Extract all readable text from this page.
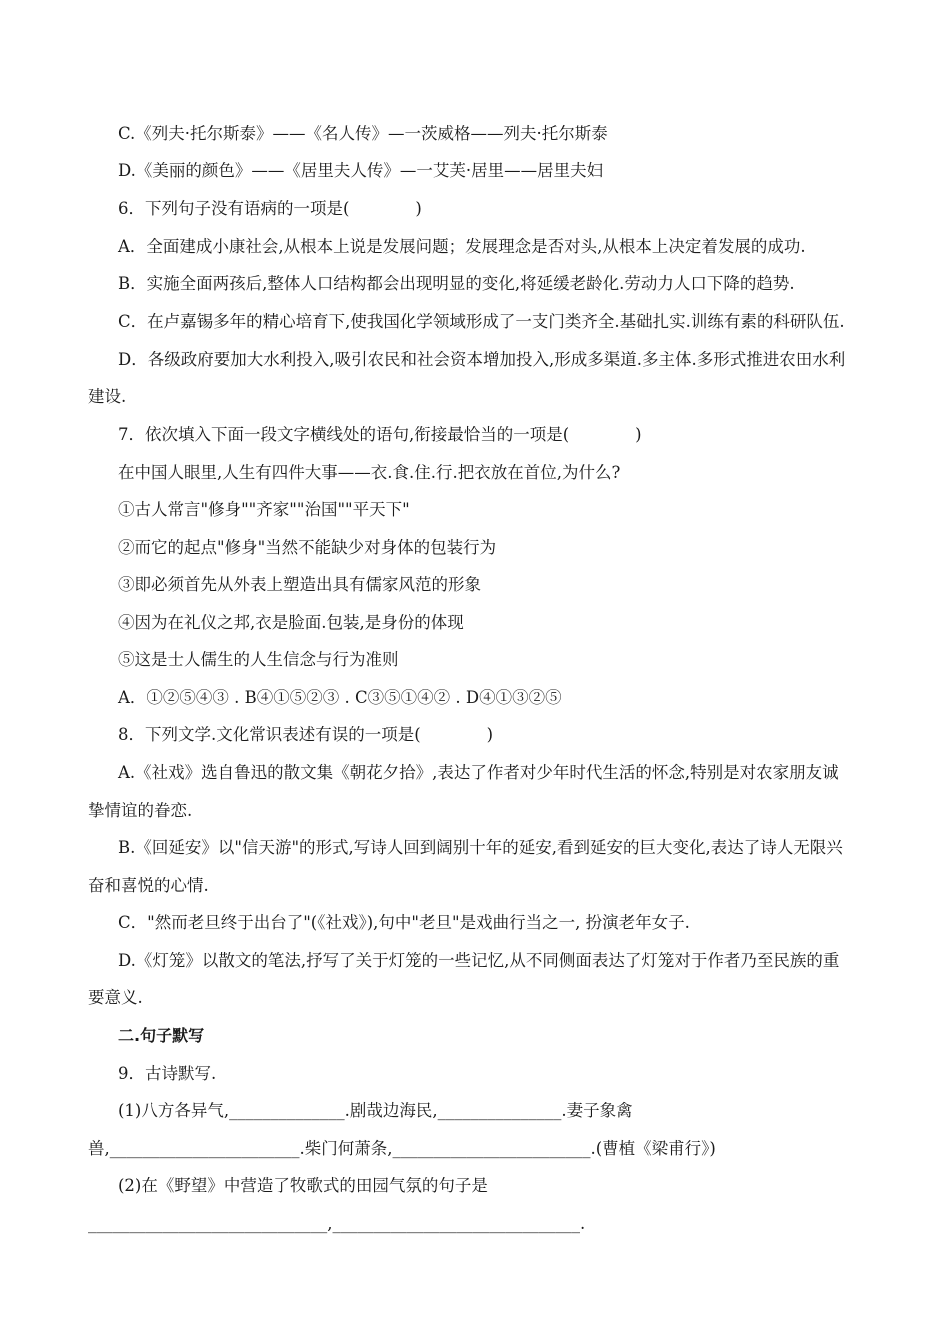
C.《列夫·托尔斯泰》——《名人传》—一茨威格——列夫·托尔斯泰
D.《美丽的颜色》——《居里夫人传》—一艾芙·居里——居里夫妇
6．下列句子没有语病的一项是(　　　　)
A．全面建成小康社会,从根本上说是发展问题；发展理念是否对头,从根本上决定着发展的成功.
B．实施全面两孩后,整体人口结构都会出现明显的变化,将延缓老龄化.劳动力人口下降的趋势.
C．在卢嘉锡多年的精心培育下,使我国化学领域形成了一支门类齐全.基础扎实.训练有素的科研队伍.
D．各级政府要加大水利投入,吸引农民和社会资本增加投入,形成多渠道.多主体.多形式推进农田水利
建设.
7．依次填入下面一段文字横线处的语句,衔接最恰当的一项是(　　　　)
在中国人眼里,人生有四件大事——衣.食.住.行.把衣放在首位,为什么?
①古人常言"修身""齐家""治国""平天下"
②而它的起点"修身"当然不能缺少对身体的包装行为
③即必须首先从外表上塑造出具有儒家风范的形象
④因为在礼仪之邦,衣是脸面.包装,是身份的体现
⑤这是士人儒生的人生信念与行为准则
A．①②⑤④③ . B④①⑤②③ . C③⑤①④② . D④①③②⑤
8．下列文学.文化常识表述有误的一项是(　　　　)
A.《社戏》选自鲁迅的散文集《朝花夕拾》,表达了作者对少年时代生活的怀念,特别是对农家朋友诚
挚情谊的眷恋.
B.《回延安》以"信天游"的形式,写诗人回到阔别十年的延安,看到延安的巨大变化,表达了诗人无限兴
奋和喜悦的心情.
C．"然而老旦终于出台了"(《社戏》),句中"老旦"是戏曲行当之一, 扮演老年女子.
D.《灯笼》以散文的笔法,抒写了关于灯笼的一些记忆,从不同侧面表达了灯笼对于作者乃至民族的重
要意义.
二.句子默写
9．古诗默写.
(1)八方各异气,______________.剧哉边海民,_______________.妻子象禽
兽,_______________________.柴门何萧条,________________________.(曹植《梁甫行》)
(2)在《野望》中营造了牧歌式的田园气氛的句子是
_____________________________,______________________________.
